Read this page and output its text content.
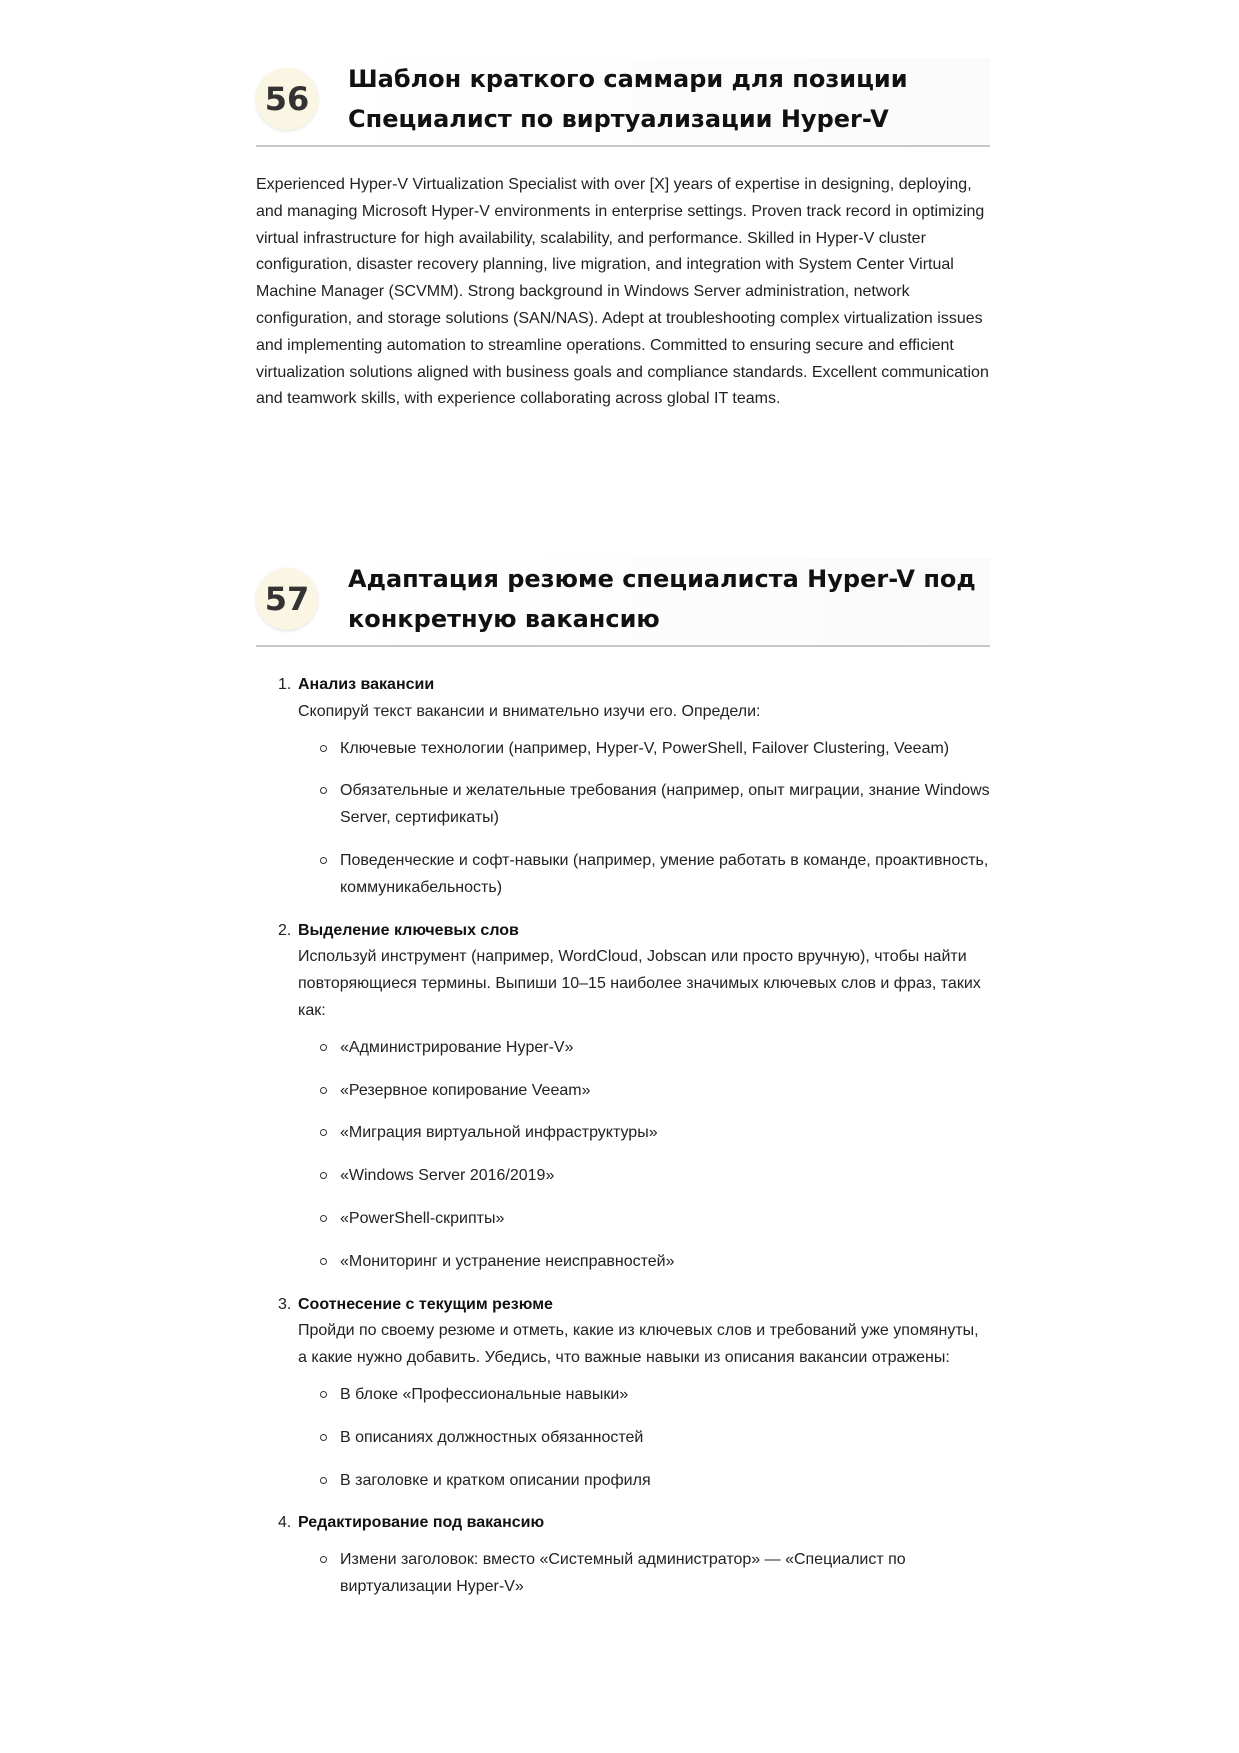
56
Шаблон краткого саммари для позиции
Специалист по виртуализации Hyper-V

Experienced Hyper-V Virtualization Specialist with over [X] years of expertise in designing, deploying, and managing Microsoft Hyper-V environments in enterprise settings. Proven track record in optimizing virtual infrastructure for high availability, scalability, and performance. Skilled in Hyper-V cluster configuration, disaster recovery planning, live migration, and integration with System Center Virtual Machine Manager (SCVMM). Strong background in Windows Server administration, network configuration, and storage solutions (SAN/NAS). Adept at troubleshooting complex virtualization issues and implementing automation to streamline operations. Committed to ensuring secure and efficient virtualization solutions aligned with business goals and compliance standards. Excellent communication and teamwork skills, with experience collaborating across global IT teams.

57
Адаптация резюме специалиста Hyper-V под
конкретную вакансию
1. Анализ вакансии
Скопируй текст вакансии и внимательно изучи его. Определи:
Ключевые технологии (например, Hyper-V, PowerShell, Failover Clustering, Veeam)
Обязательные и желательные требования (например, опыт миграции, знание Windows Server, сертификаты)
Поведенческие и софт-навыки (например, умение работать в команде, проактивность, коммуникабельность)
2. Выделение ключевых слов
Используй инструмент (например, WordCloud, Jobscan или просто вручную), чтобы найти повторяющиеся термины. Выпиши 10–15 наиболее значимых ключевых слов и фраз, таких как:
«Администрирование Hyper-V»
«Резервное копирование Veeam»
«Миграция виртуальной инфраструктуры»
«Windows Server 2016/2019»
«PowerShell-скрипты»
«Мониторинг и устранение неисправностей»
3. Соотнесение с текущим резюме
Пройди по своему резюме и отметь, какие из ключевых слов и требований уже упомянуты, а какие нужно добавить. Убедись, что важные навыки из описания вакансии отражены:
В блоке «Профессиональные навыки»
В описаниях должностных обязанностей
В заголовке и кратком описании профиля
4. Редактирование под вакансию
Измени заголовок: вместо «Системный администратор» — «Специалист по виртуализации Hyper-V»
